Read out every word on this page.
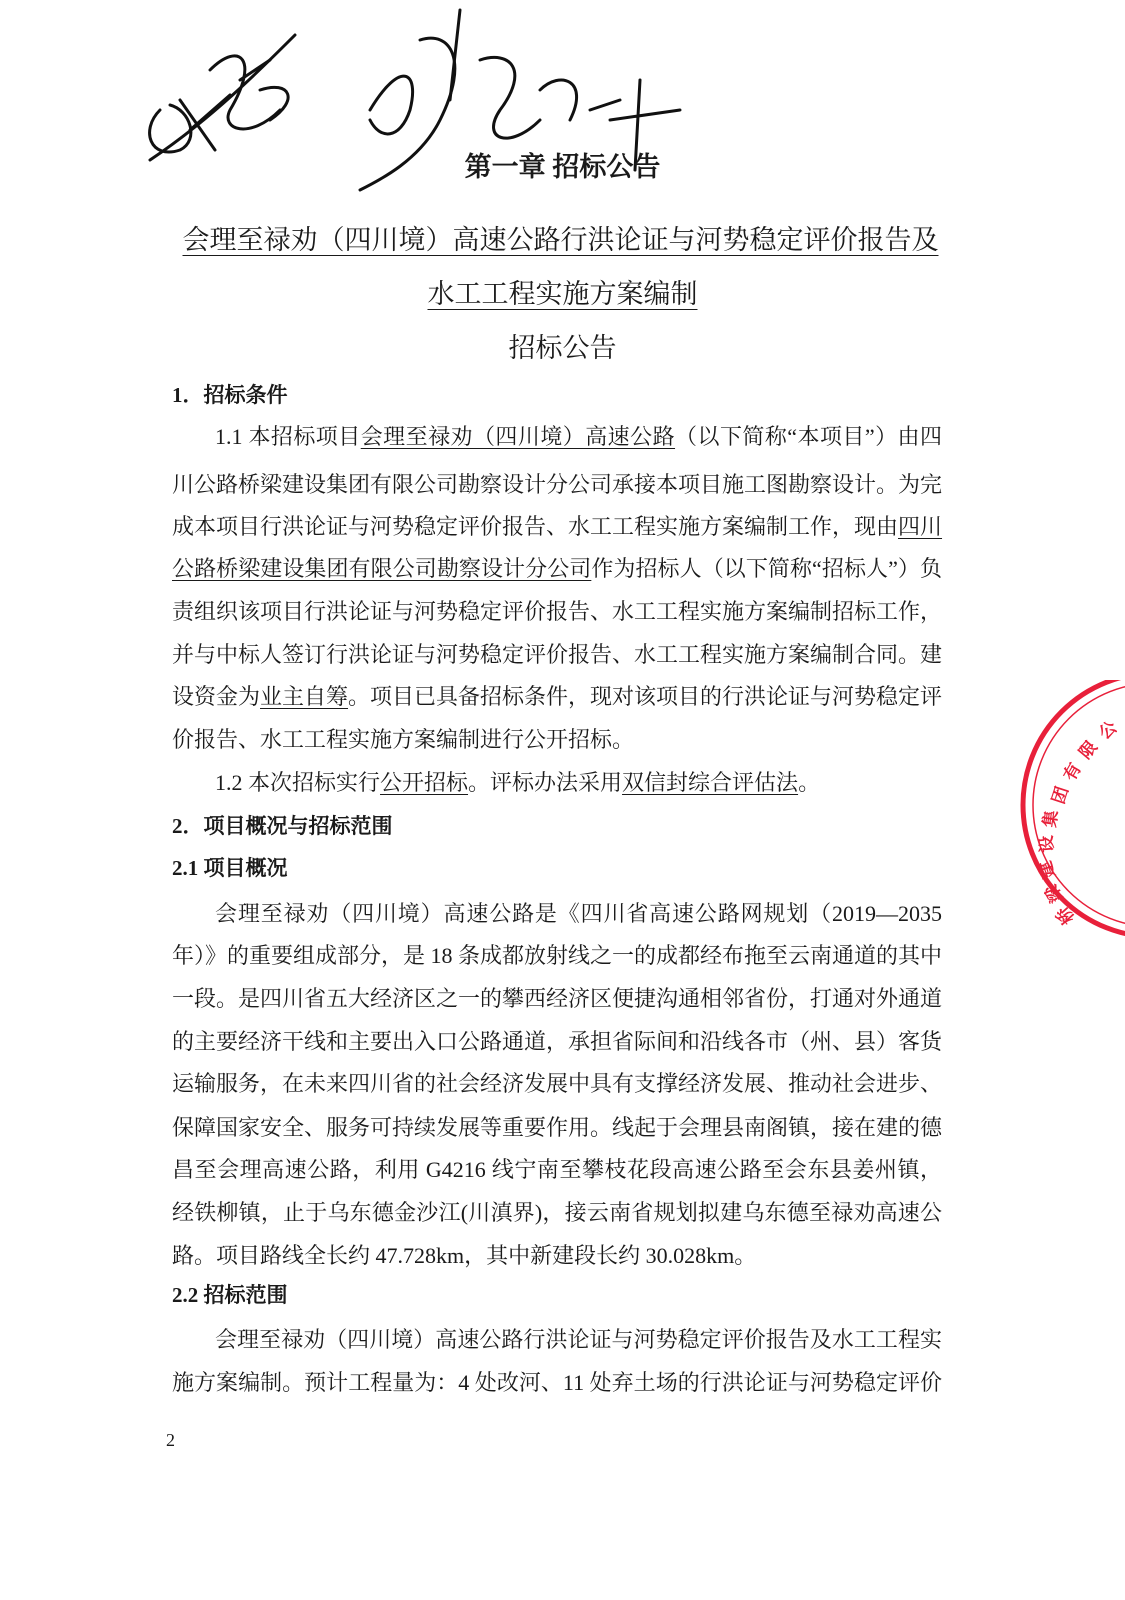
公
限
有
团
集
设
建
梁
桥
第一章 招标公告
会理至禄劝（四川境）高速公路行洪论证与河势稳定评价报告及
水工工程实施方案编制
招标公告
1．招标条件
1.1 本招标项目会理至禄劝（四川境）高速公路（以下简称“本项目”）由四
川公路桥梁建设集团有限公司勘察设计分公司承接本项目施工图勘察设计。为完
成本项目行洪论证与河势稳定评价报告、水工工程实施方案编制工作，现由四川
公路桥梁建设集团有限公司勘察设计分公司作为招标人（以下简称“招标人”）负
责组织该项目行洪论证与河势稳定评价报告、水工工程实施方案编制招标工作，
并与中标人签订行洪论证与河势稳定评价报告、水工工程实施方案编制合同。建
设资金为业主自筹。项目已具备招标条件，现对该项目的行洪论证与河势稳定评
价报告、水工工程实施方案编制进行公开招标。
1.2 本次招标实行公开招标。评标办法采用双信封综合评估法。
2．项目概况与招标范围
2.1 项目概况
会理至禄劝（四川境）高速公路是《四川省高速公路网规划（2019—2035
年）》的重要组成部分，是 18 条成都放射线之一的成都经布拖至云南通道的其中
一段。是四川省五大经济区之一的攀西经济区便捷沟通相邻省份，打通对外通道
的主要经济干线和主要出入口公路通道，承担省际间和沿线各市（州、县）客货
运输服务，在未来四川省的社会经济发展中具有支撑经济发展、推动社会进步、
保障国家安全、服务可持续发展等重要作用。线起于会理县南阁镇，接在建的德
昌至会理高速公路，利用 G4216 线宁南至攀枝花段高速公路至会东县姜州镇，
经铁柳镇，止于乌东德金沙江(川滇界)，接云南省规划拟建乌东德至禄劝高速公
路。项目路线全长约 47.728km，其中新建段长约 30.028km。
2.2 招标范围
会理至禄劝（四川境）高速公路行洪论证与河势稳定评价报告及水工工程实
施方案编制。预计工程量为：4 处改河、11 处弃土场的行洪论证与河势稳定评价
2
